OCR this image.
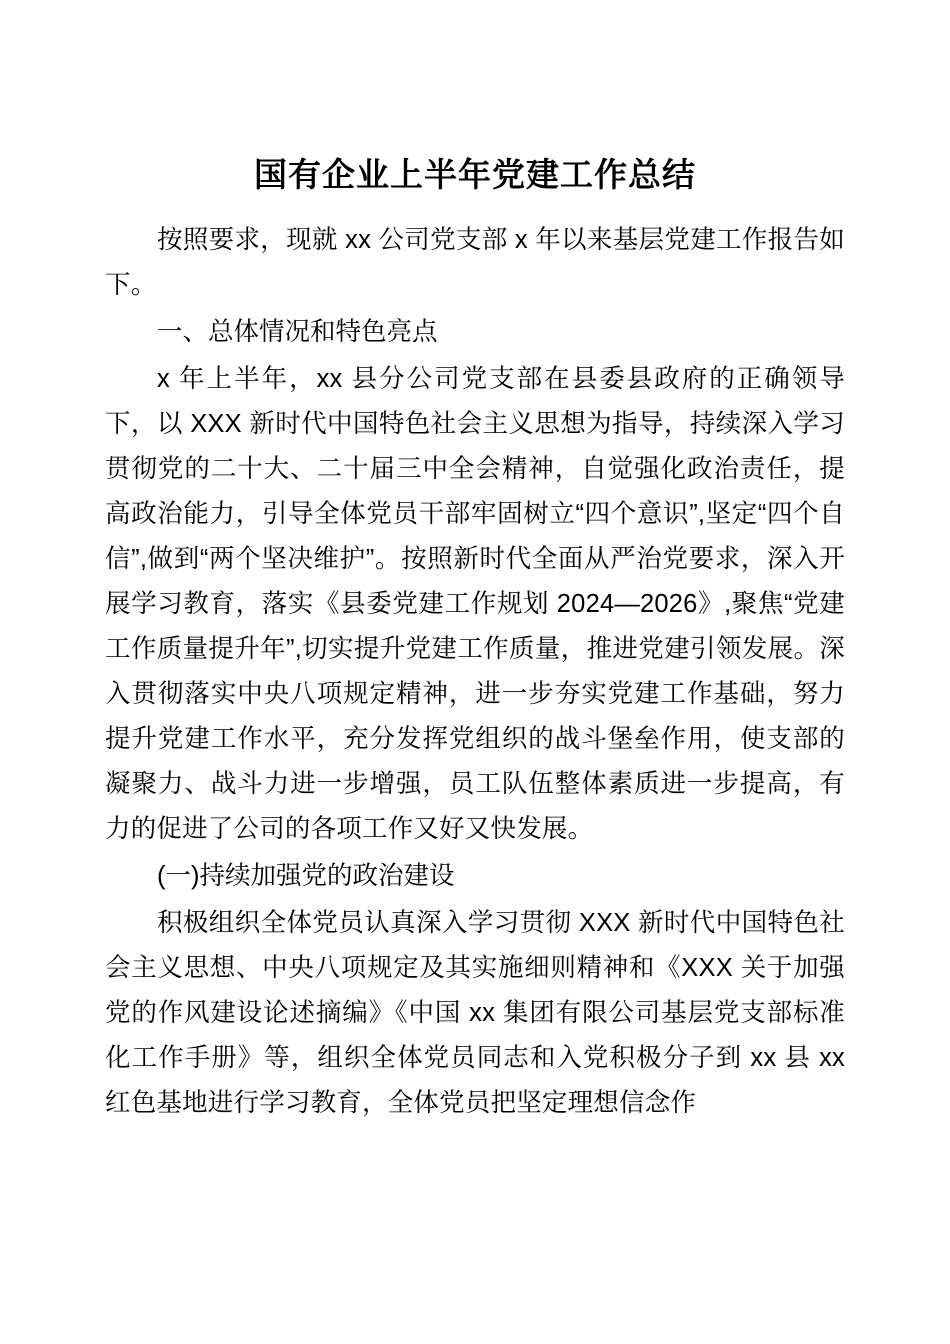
国有企业上半年党建工作总结

按照要求，现就 xx 公司党支部 x 年以来基层党建工作报告如下。

一、总体情况和特色亮点

x 年上半年，xx 县分公司党支部在县委县政府的正确领导下，以 XXX 新时代中国特色社会主义思想为指导，持续深入学习贯彻党的二十大、二十届三中全会精神，自觉强化政治责任，提高政治能力，引导全体党员干部牢固树立“四个意识”,坚定“四个自信”,做到“两个坚决维护”。按照新时代全面从严治党要求，深入开展学习教育，落实《县委党建工作规划 2024—2026》,聚焦“党建工作质量提升年”,切实提升党建工作质量，推进党建引领发展。深入贯彻落实中央八项规定精神，进一步夯实党建工作基础，努力提升党建工作水平，充分发挥党组织的战斗堡垒作用，使支部的凝聚力、战斗力进一步增强，员工队伍整体素质进一步提高，有力的促进了公司的各项工作又好又快发展。

(一)持续加强党的政治建设

积极组织全体党员认真深入学习贯彻 XXX 新时代中国特色社会主义思想、中央八项规定及其实施细则精神和《XXX 关于加强党的作风建设论述摘编》《中国 xx 集团有限公司基层党支部标准化工作手册》等，组织全体党员同志和入党积极分子到 xx 县 xx 红色基地进行学习教育，全体党员把坚定理想信念作
